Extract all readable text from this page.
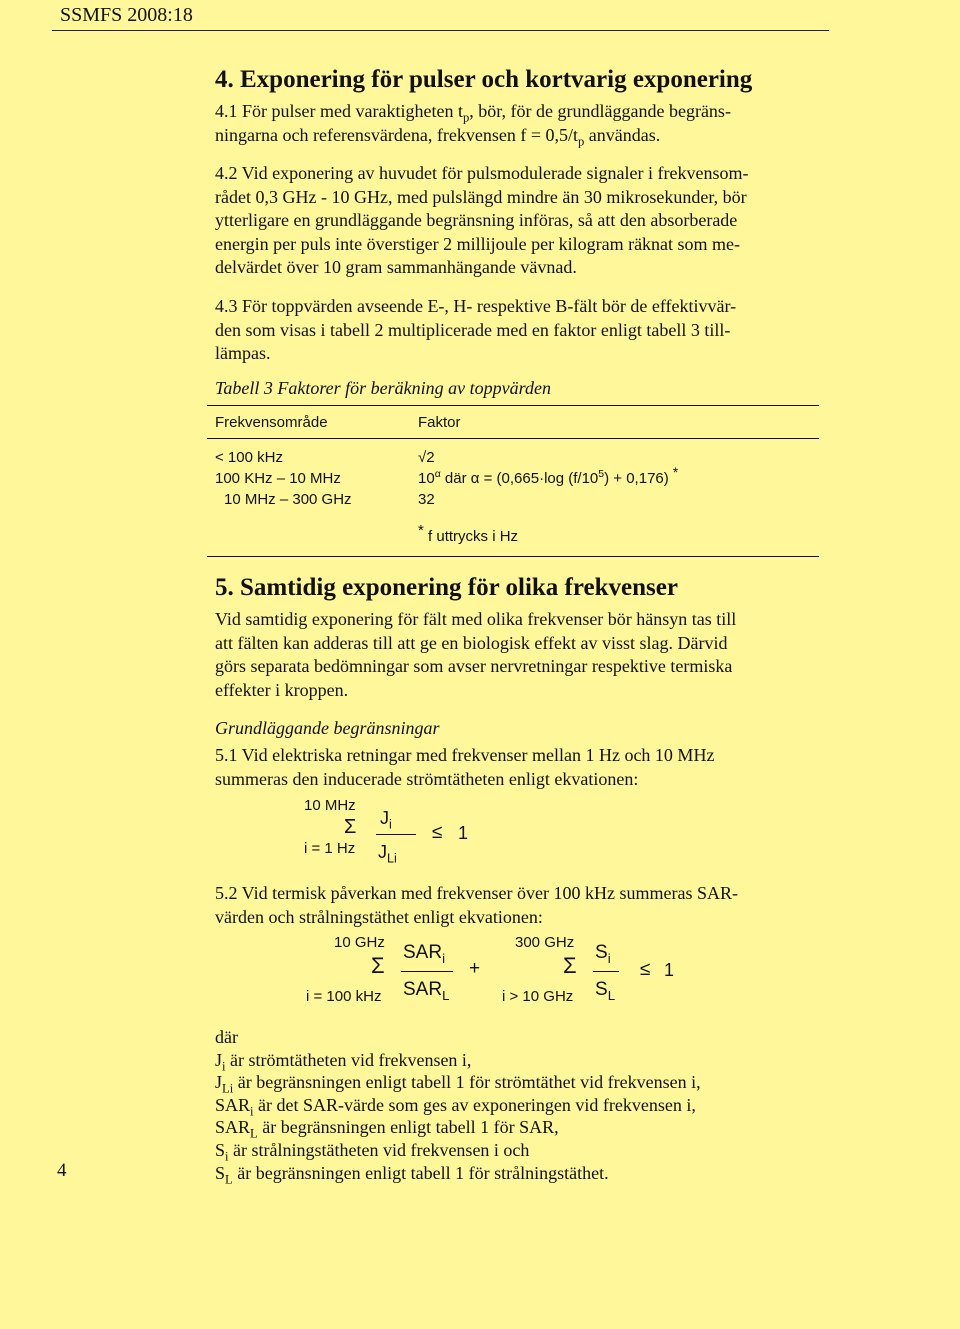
SSMFS 2008:18
4. Exponering för pulser och kortvarig exponering
4.1 För pulser med varaktigheten $t_p$, bör, för de grundläggande begräns-
ningarna och referensvärdena, frekvensen $f = 0,5/t_p$ användas.
4.2 Vid exponering av huvudet för pulsmodulerade signaler i frekvensom-
rådet 0,3 GHz - 10 GHz, med pulslängd mindre än 30 mikrosekunder, bör
ytterligare en grundläggande begränsning införas, så att den absorberade
energin per puls inte överstiger 2 millijoule per kilogram räknat som me-
delvärdet över 10 gram sammanhängande vävnad.
4.3 För toppvärden avseende E-, H- respektive B-fält bör de effektivvär-
den som visas i tabell 2 multiplicerade med en faktor enligt tabell 3 till-
lämpas.
Tabell 3 Faktorer för beräkning av toppvärden
Frekvensområde	Faktor
< 100 kHz	√2
100 KHz – 10 MHz	$10^\alpha$ där α = (0,665·log $(f/10^5) + 0,176$) *
10 MHz – 300 GHz	32
* f uttrycks i Hz
5. Samtidig exponering för olika frekvenser
Vid samtidig exponering för fält med olika frekvenser bör hänsyn tas till
att fälten kan adderas till att ge en biologisk effekt av visst slag. Därvid
görs separata bedömningar som avser nervretningar respektive termiska
effekter i kroppen.
Grundläggande begränsningar
5.1 Vid elektriska retningar med frekvenser mellan 1 Hz och 10 MHz
summeras den inducerade strömtätheten enligt ekvationen:
10 MHz
Σ
i = 1 Hz
$J_i$
$J_{Li}$
≤ 1
5.2 Vid termisk påverkan med frekvenser över 100 kHz summeras SAR-
värden och strålningstäthet enligt ekvationen:
10 GHz
Σ
i = 100 kHz
$SAR_i$
$SAR_L$
+
300 GHz
Σ
i > 10 GHz
$S_i$
$S_L$
≤ 1
där
$J_i$ är strömtätheten vid frekvensen i,
$J_{Li}$ är begränsningen enligt tabell 1 för strömtäthet vid frekvensen i,
$SAR_i$ är det SAR-värde som ges av exponeringen vid frekvensen i,
$SAR_L$ är begränsningen enligt tabell 1 för SAR,
$S_i$ är strålningstätheten vid frekvensen i och
$S_L$ är begränsningen enligt tabell 1 för strålningstäthet.
4
